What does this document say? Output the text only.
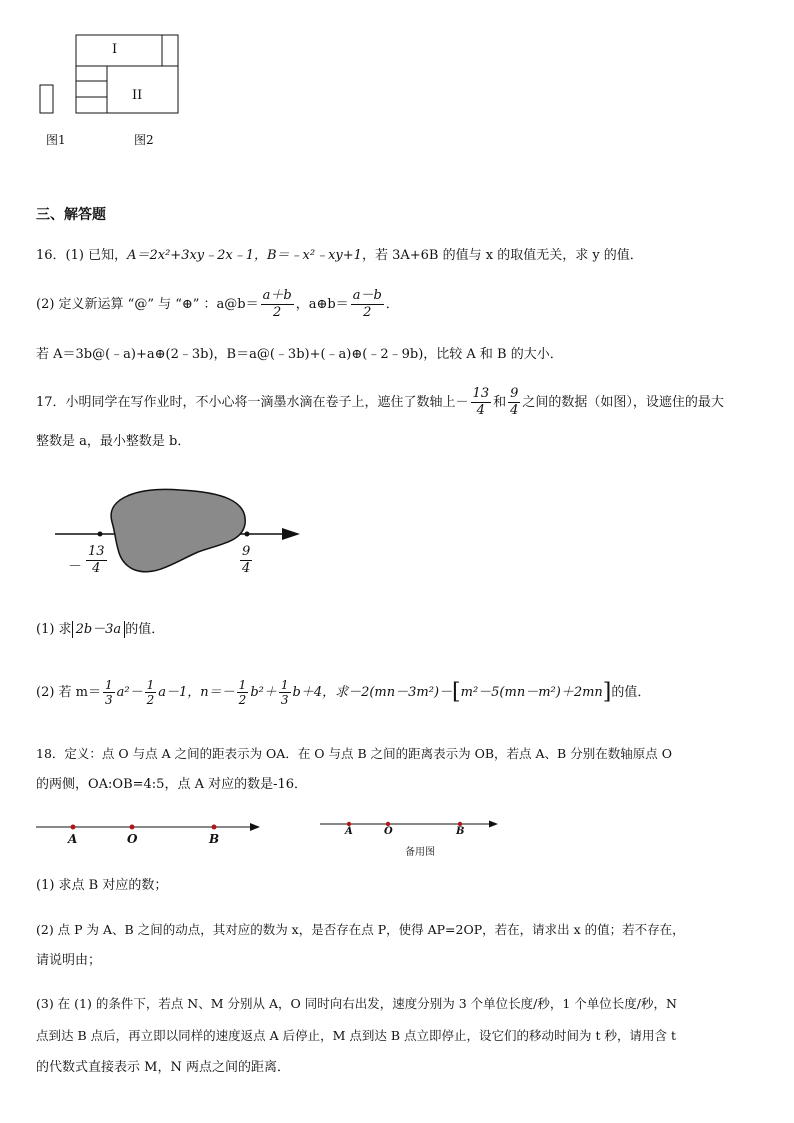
I
II
图1	图2
三、解答题
16．(1) 已知，A＝2x²+3xy﹣2x﹣1，B＝﹣x²﹣xy+1，若 3A+6B 的值与 x 的取值无关，求 y 的值．
(2) 定义新运算 “@” 与 “⊕” ：a@b＝ $\frac{a+b}{2}$ ，a⊕b＝ $\frac{a-b}{2}$ ．
若 A＝3b@(﹣a)+a⊕(2﹣3b)，B＝a@(﹣3b)+(﹣a)⊕(﹣2﹣9b)，比较 A 和 B 的大小．
17．小明同学在写作业时，不小心将一滴墨水滴在卷子上，遮住了数轴上－ $\frac{13}{4}$ 和 $\frac{9}{4}$ 之间的数据（如图），设遮住的最大
整数是 a，最小整数是 b．
－ $\frac{13}{4}$	$\frac{9}{4}$
(1) 求 2b－3a 的值．
(2) 若 $m= \frac{1}{3} a^2- \frac{1}{2} a-1$，$n=- \frac{1}{2} b^2+ \frac{1}{3} b+4$，求－2(mn－3m²)－[m²－5(mn－m²)＋2mn]的值．
18．定义：点 O 与点 A 之间的距表示为 OA．在 O 与点 B 之间的距离表示为 OB，若点 A、B 分别在数轴原点 O
的两侧，OA:OB=4:5，点 A 对应的数是-16．
A	O	B
A	O	B
备用图
(1) 求点 B 对应的数；
(2) 点 P 为 A、B 之间的动点，其对应的数为 x，是否存在点 P，使得 AP=2OP，若在，请求出 x 的值；若不存在，
请说明由；
(3) 在 (1) 的条件下，若点 N、M 分别从 A，O 同时向右出发，速度分别为 3 个单位长度/秒，1 个单位长度/秒，N
点到达 B 点后，再立即以同样的速度返点 A 后停止，M 点到达 B 点立即停止，设它们的移动时间为 t 秒，请用含 t
的代数式直接表示 M，N 两点之间的距离．
